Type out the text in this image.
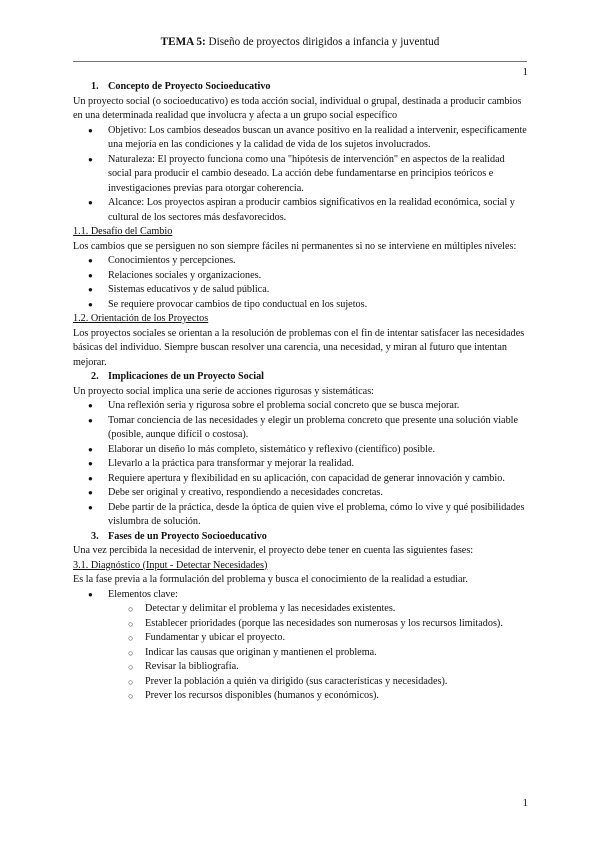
TEMA 5: Diseño de proyectos dirigidos a infancia y juventud
1

1. Concepto de Proyecto Socioeducativo

Un proyecto social (o socioeducativo) es toda acción social, individual o grupal, destinada a producir cambios en una determinada realidad que involucra y afecta a un grupo social específico

● Objetivo: Los cambios deseados buscan un avance positivo en la realidad a intervenir, específicamente una mejoría en las condiciones y la calidad de vida de los sujetos involucrados.
● Naturaleza: El proyecto funciona como una "hipótesis de intervención" en aspectos de la realidad social para producir el cambio deseado. La acción debe fundamentarse en principios teóricos e investigaciones previas para otorgar coherencia.
● Alcance: Los proyectos aspiran a producir cambios significativos en la realidad económica, social y cultural de los sectores más desfavorecidos.

1.1. Desafío del Cambio

Los cambios que se persiguen no son siempre fáciles ni permanentes si no se interviene en múltiples niveles:

● Conocimientos y percepciones.
● Relaciones sociales y organizaciones.
● Sistemas educativos y de salud pública.
● Se requiere provocar cambios de tipo conductual en los sujetos.

1.2. Orientación de los Proyectos

Los proyectos sociales se orientan a la resolución de problemas con el fin de intentar satisfacer las necesidades básicas del individuo. Siempre buscan resolver una carencia, una necesidad, y miran al futuro que intentan mejorar.

2. Implicaciones de un Proyecto Social

Un proyecto social implica una serie de acciones rigurosas y sistemáticas:

● Una reflexión seria y rigurosa sobre el problema social concreto que se busca mejorar.
● Tomar conciencia de las necesidades y elegir un problema concreto que presente una solución viable (posible, aunque difícil o costosa).
● Elaborar un diseño lo más completo, sistemático y reflexivo (científico) posible.
● Llevarlo a la práctica para transformar y mejorar la realidad.
● Requiere apertura y flexibilidad en su aplicación, con capacidad de generar innovación y cambio.
● Debe ser original y creativo, respondiendo a necesidades concretas.
● Debe partir de la práctica, desde la óptica de quien vive el problema, cómo lo vive y qué posibilidades vislumbra de solución.

3. Fases de un Proyecto Socioeducativo

Una vez percibida la necesidad de intervenir, el proyecto debe tener en cuenta las siguientes fases:

3.1. Diagnóstico (Input - Detectar Necesidades)

Es la fase previa a la formulación del problema y busca el conocimiento de la realidad a estudiar.

● Elementos clave:
○ Detectar y delimitar el problema y las necesidades existentes.
○ Establecer prioridades (porque las necesidades son numerosas y los recursos limitados).
○ Fundamentar y ubicar el proyecto.
○ Indicar las causas que originan y mantienen el problema.
○ Revisar la bibliografía.
○ Prever la población a quién va dirigido (sus características y necesidades).
○ Prever los recursos disponibles (humanos y económicos).
1
